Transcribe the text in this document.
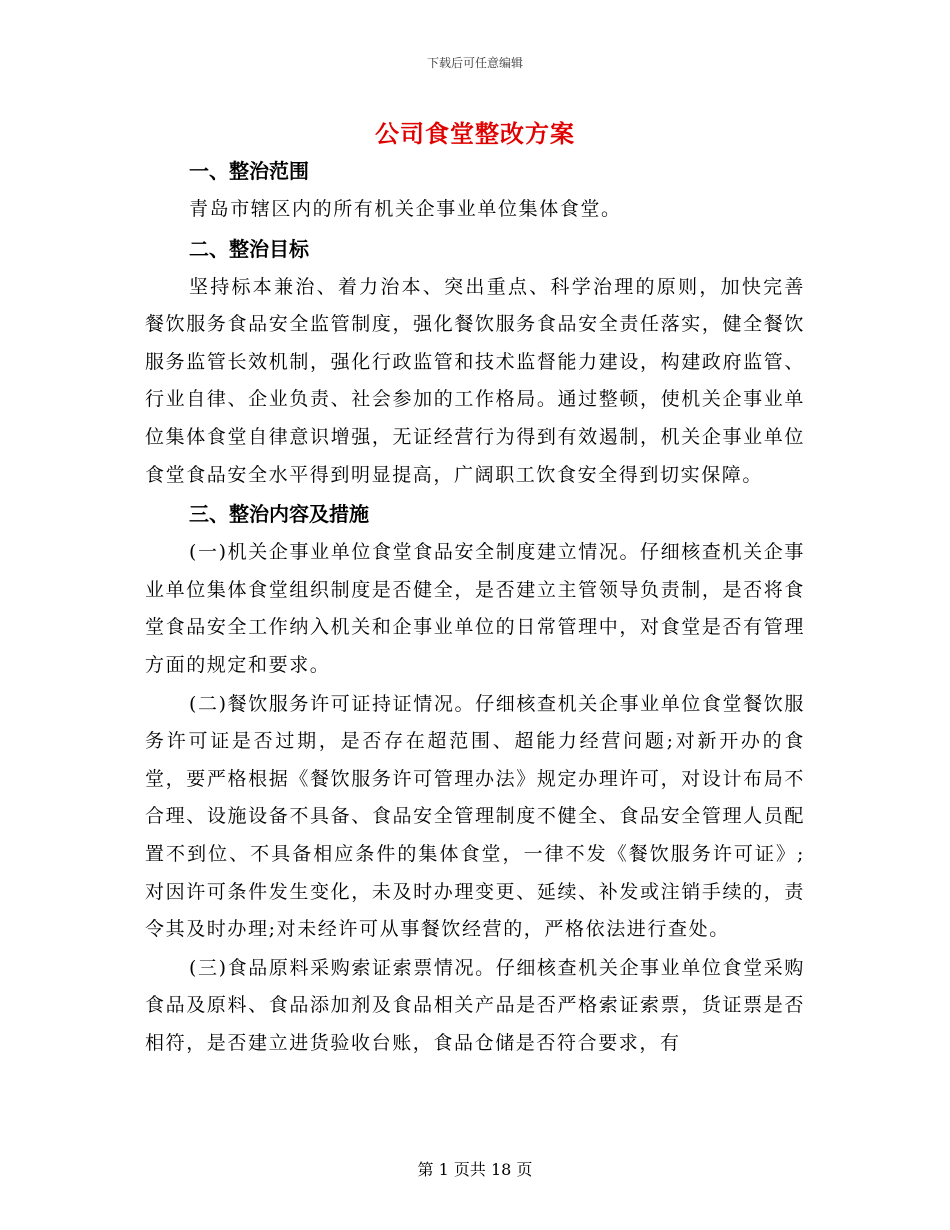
下载后可任意编辑
公司食堂整改方案
一、整治范围
青岛市辖区内的所有机关企事业单位集体食堂。
二、整治目标
坚持标本兼治、着力治本、突出重点、科学治理的原则，加快完善餐饮服务食品安全监管制度，强化餐饮服务食品安全责任落实，健全餐饮服务监管长效机制，强化行政监管和技术监督能力建设，构建政府监管、行业自律、企业负责、社会参加的工作格局。通过整顿，使机关企事业单位集体食堂自律意识增强，无证经营行为得到有效遏制，机关企事业单位食堂食品安全水平得到明显提高，广阔职工饮食安全得到切实保障。
三、整治内容及措施
(一)机关企事业单位食堂食品安全制度建立情况。仔细核查机关企事业单位集体食堂组织制度是否健全，是否建立主管领导负责制，是否将食堂食品安全工作纳入机关和企事业单位的日常管理中，对食堂是否有管理方面的规定和要求。
(二)餐饮服务许可证持证情况。仔细核查机关企事业单位食堂餐饮服务许可证是否过期，是否存在超范围、超能力经营问题;对新开办的食堂，要严格根据《餐饮服务许可管理办法》规定办理许可，对设计布局不合理、设施设备不具备、食品安全管理制度不健全、食品安全管理人员配置不到位、不具备相应条件的集体食堂，一律不发《餐饮服务许可证》;对因许可条件发生变化，未及时办理变更、延续、补发或注销手续的，责令其及时办理;对未经许可从事餐饮经营的，严格依法进行查处。
(三)食品原料采购索证索票情况。仔细核查机关企事业单位食堂采购食品及原料、食品添加剂及食品相关产品是否严格索证索票，货证票是否相符，是否建立进货验收台账，食品仓储是否符合要求，有
第 1 页共 18 页
